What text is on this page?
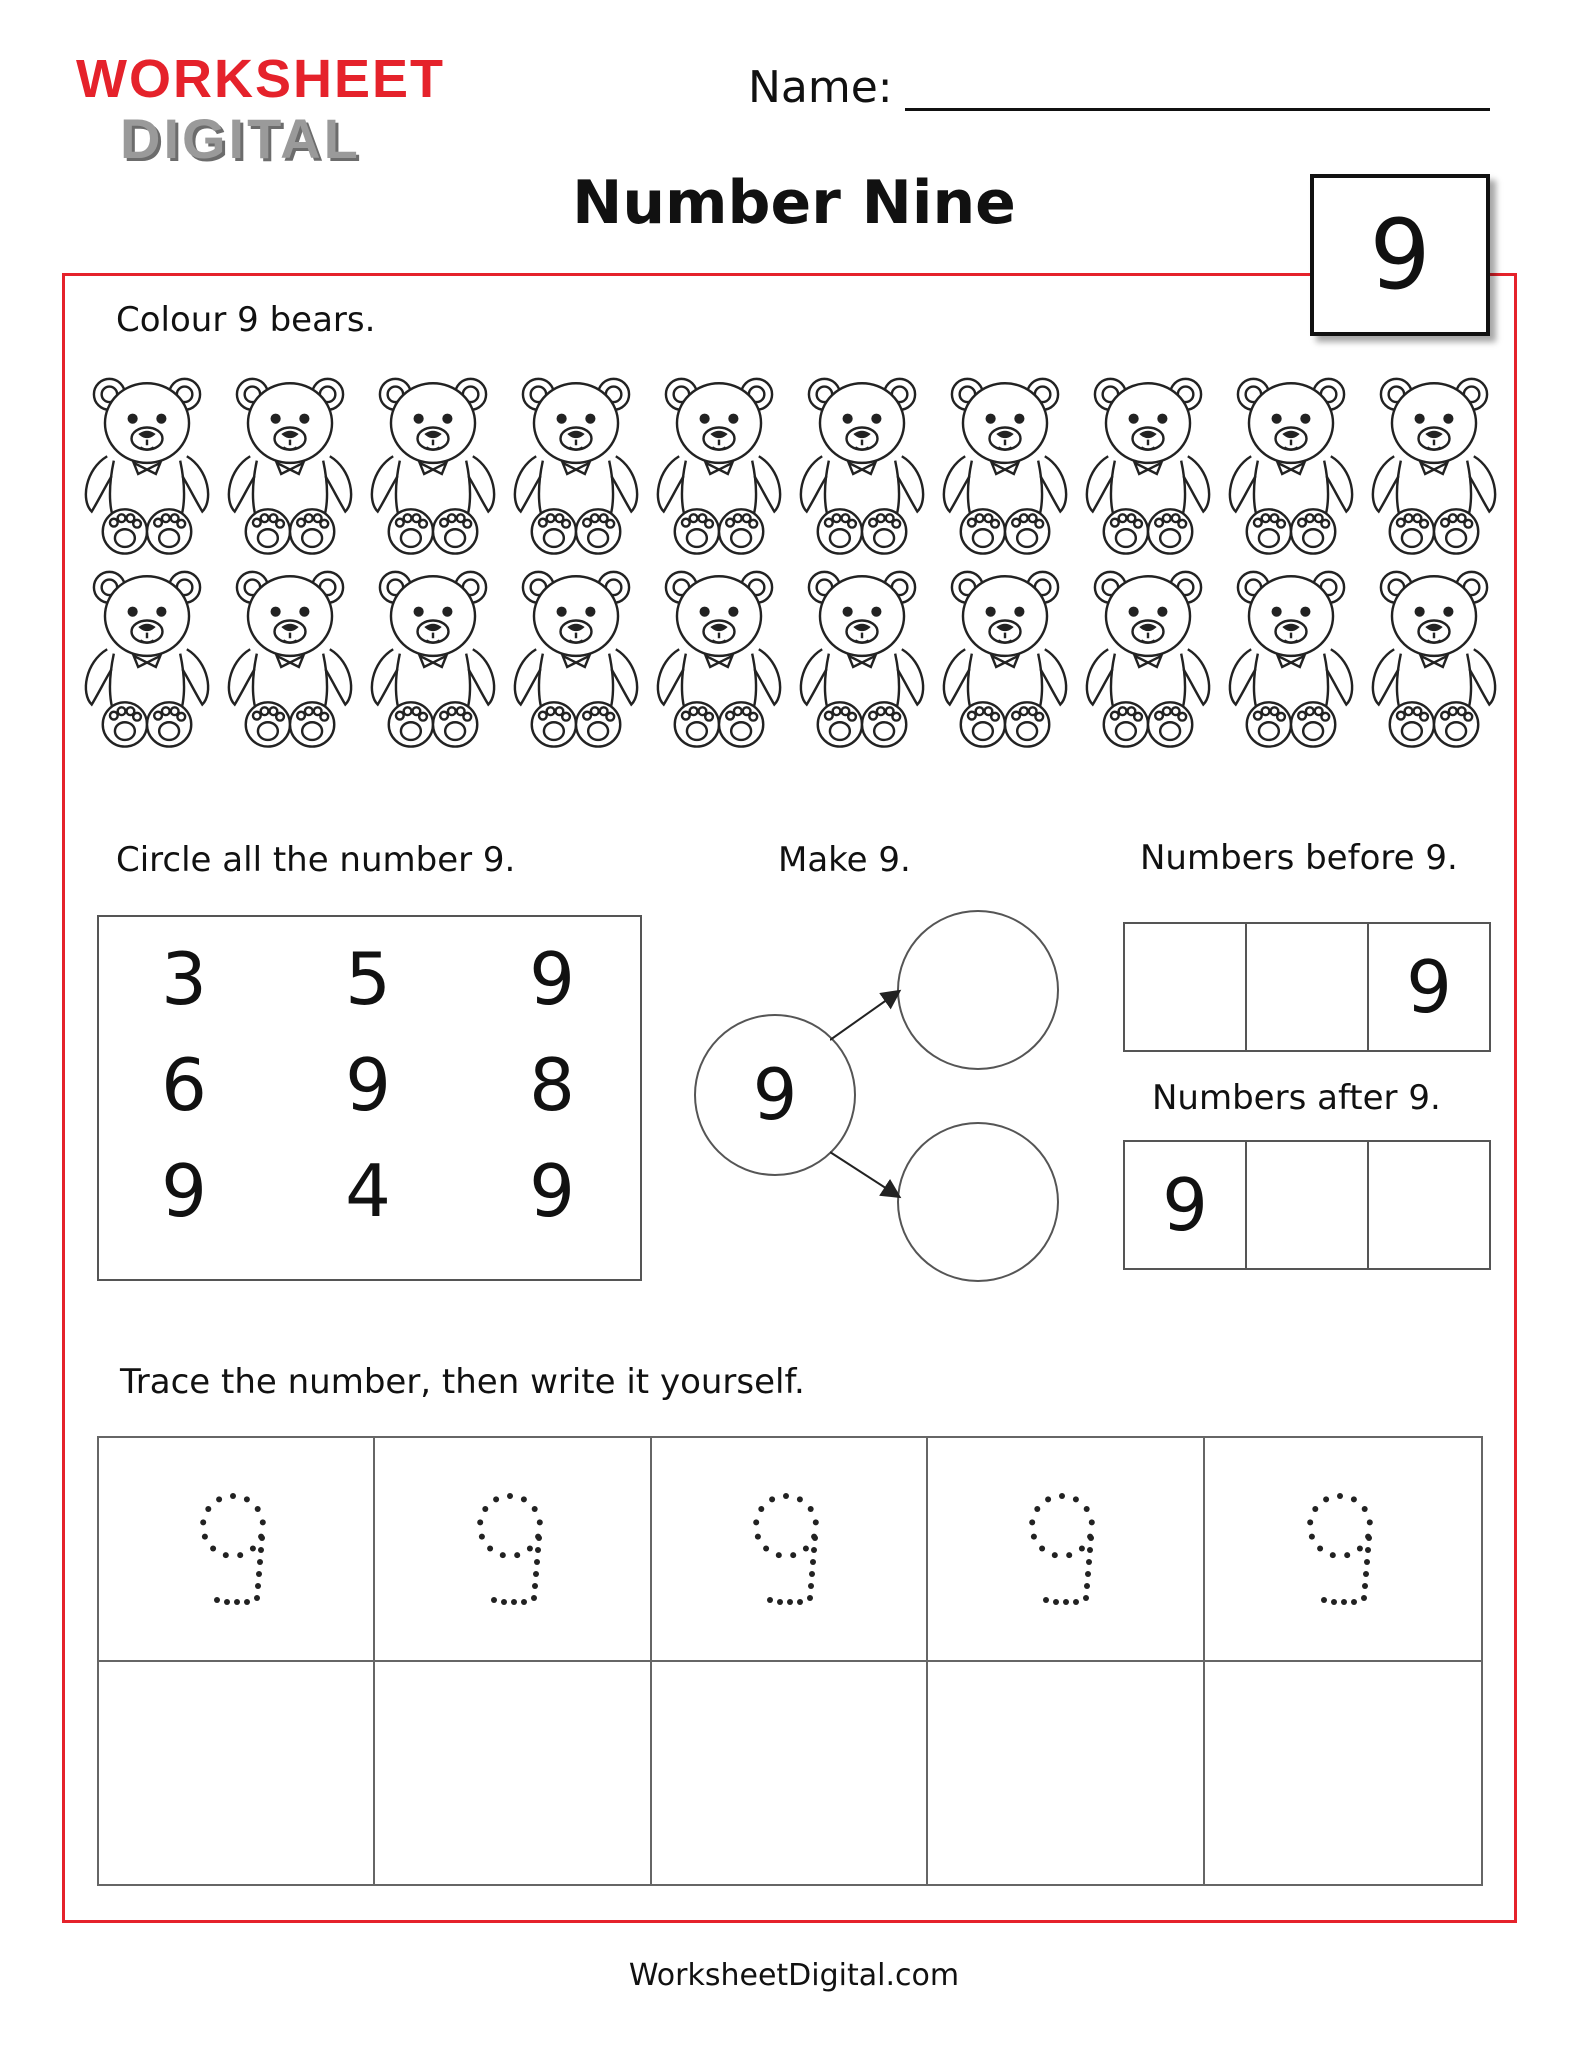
WORKSHEET
DIGITAL
Name:
Number Nine	9
Colour 9 bears.
Circle all the number 9.
3	5	9
6	9	8
9	4	9
Make 9.
9
Numbers before 9.
9
Numbers after 9.
9
Trace the number, then write it yourself.
WorksheetDigital.com
